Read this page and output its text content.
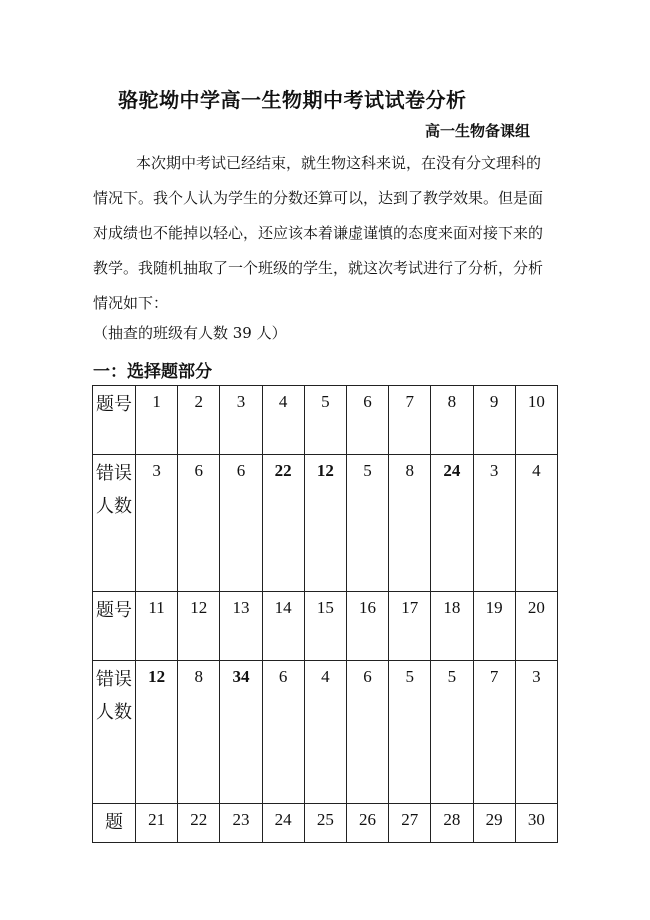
骆驼坳中学高一生物期中考试试卷分析
高一生物备课组
本次期中考试已经结束，就生物这科来说，在没有分文理科的
情况下。我个人认为学生的分数还算可以，达到了教学效果。但是面
对成绩也不能掉以轻心，还应该本着谦虚谨慎的态度来面对接下来的
教学。我随机抽取了一个班级的学生，就这次考试进行了分析，分析
情况如下：
（抽查的班级有人数 39 人）
一：选择题部分
题号	1	2	3	4	5	6	7	8	9	10
错误人数	3	6	6	22	12	5	8	24	3	4
题号	11	12	13	14	15	16	17	18	19	20
错误人数	12	8	34	6	4	6	5	5	7	3
题	21	22	23	24	25	26	27	28	29	30
